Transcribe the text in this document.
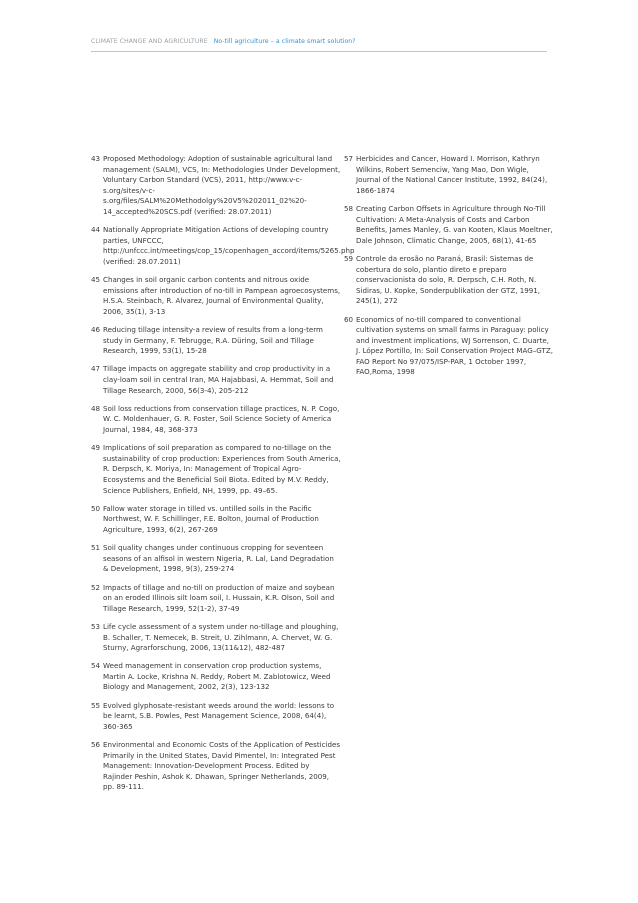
CLIMATE CHANGE AND AGRICULTURE No-till agriculture – a climate smart solution?
43 Proposed Methodology: Adoption of sustainable agricultural land management (SALM), VCS, In: Methodologies Under Development, Voluntary Carbon Standard (VCS), 2011, http://www.v-c-s.org/sites/v-c-s.org/files/SALM%20Methodolgy%20V5%202011_02%20-14_accepted%20SCS.pdf (verified: 28.07.2011)
44 Nationally Appropriate Mitigation Actions of developing country parties, UNFCCC, http://unfccc.int/meetings/cop_15/copenhagen_accord/items/5265.php (verified: 28.07.2011)
45 Changes in soil organic carbon contents and nitrous oxide emissions after introduction of no-till in Pampean agroecosystems, H.S.A. Steinbach, R. Alvarez, Journal of Environmental Quality, 2006, 35(1), 3-13
46 Reducing tillage intensity-a review of results from a long-term study in Germany, F. Tebrugge, R.A. Düring, Soil and Tillage Research, 1999, 53(1), 15-28
47 Tillage impacts on aggregate stability and crop productivity in a clay-loam soil in central Iran, MA Hajabbasi, A. Hemmat, Soil and Tillage Research, 2000, 56(3-4), 205-212
48 Soil loss reductions from conservation tillage practices, N. P. Cogo, W. C. Moldenhauer, G. R. Foster, Soil Science Society of America Journal, 1984, 48, 368-373
49 Implications of soil preparation as compared to no-tillage on the sustainability of crop production: Experiences from South America, R. Derpsch, K. Moriya, In: Management of Tropical Agro-Ecosystems and the Beneficial Soil Biota. Edited by M.V. Reddy, Science Publishers, Enfield, NH, 1999, pp. 49–65.
50 Fallow water storage in tilled vs. untilled soils in the Pacific Northwest, W. F. Schillinger, F.E. Bolton, Journal of Production Agriculture, 1993, 6(2), 267-269
51 Soil quality changes under continuous cropping for seventeen seasons of an alfisol in western Nigeria, R. Lal, Land Degradation & Development, 1998, 9(3), 259-274
52 Impacts of tillage and no-till on production of maize and soybean on an eroded Illinois silt loam soil, I. Hussain, K.R. Olson, Soil and Tillage Research, 1999, 52(1-2), 37-49
53 Life cycle assessment of a system under no-tillage and ploughing, B. Schaller, T. Nemecek, B. Streit, U. Zihlmann, A. Chervet, W. G. Sturny, Agrarforschung, 2006, 13(11&12), 482-487
54 Weed management in conservation crop production systems, Martin A. Locke, Krishna N. Reddy, Robert M. Zablotowicz, Weed Biology and Management, 2002, 2(3), 123-132
55 Evolved glyphosate-resistant weeds around the world: lessons to be learnt, S.B. Powles, Pest Management Science, 2008, 64(4), 360-365
56 Environmental and Economic Costs of the Application of Pesticides Primarily in the United States, David Pimentel, In: Integrated Pest Management: Innovation-Development Process. Edited by Rajinder Peshin, Ashok K. Dhawan, Springer Netherlands, 2009, pp. 89-111.
57 Herbicides and Cancer, Howard I. Morrison, Kathryn Wilkins, Robert Semenciw, Yang Mao, Don Wigle, Journal of the National Cancer Institute, 1992, 84(24), 1866-1874
58 Creating Carbon Offsets in Agriculture through No-Till Cultivation: A Meta-Analysis of Costs and Carbon Benefits, James Manley, G. van Kooten, Klaus Moeltner, Dale Johnson, Climatic Change, 2005, 68(1), 41-65
59 Controle da erosão no Paraná, Brasil: Sistemas de cobertura do solo, plantio direto e preparo conservacionista do solo, R. Derpsch, C.H. Roth, N. Sidiras, U. Kopke, Sonderpublikation der GTZ, 1991, 245(1), 272
60 Economics of no-till compared to conventional cultivation systems on small farms in Paraguay: policy and investment implications, WJ Sorrenson, C. Duarte, J. López Portillo, In: Soil Conservation Project MAG–GTZ, FAO Report No 97/075/ISP-PAR, 1 October 1997, FAO,Roma, 1998
